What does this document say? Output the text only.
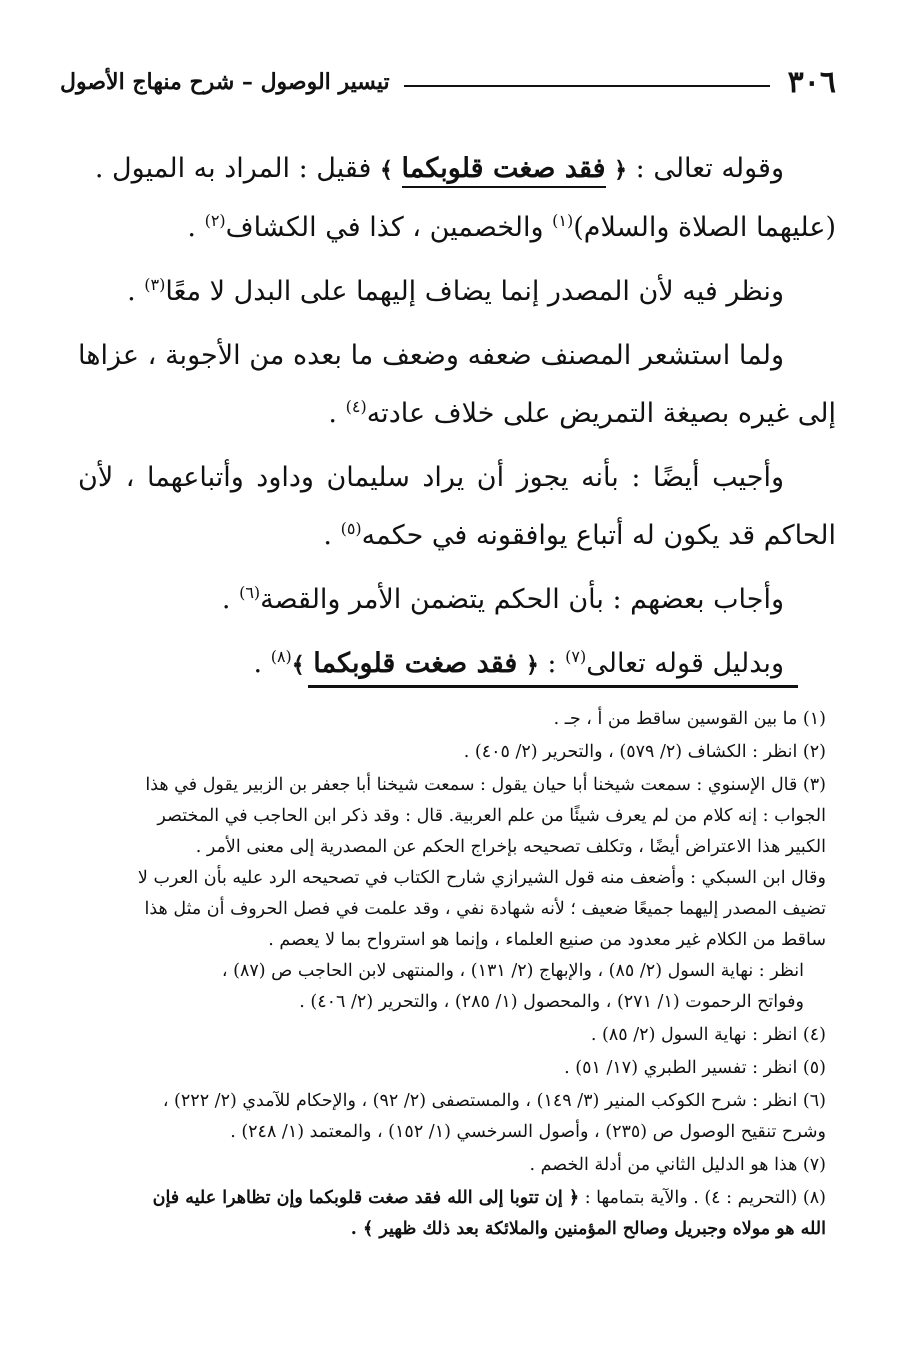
٣٠٦
تيسير الوصول – شرح منهاج الأصول

وقوله تعالى : ﴿ فقد صغت قلوبكما ﴾ فقيل : المراد به الميول .
(عليهما الصلاة والسلام)$^{(١)}$ والخصمين ، كذا في الكشاف$^{(٢)}$ .

ونظر فيه لأن المصدر إنما يضاف إليهما على البدل لا معًا$^{(٣)}$ .

ولما استشعر المصنف ضعفه وضعف ما بعده من الأجوبة ، عزاها إلى غيره بصيغة التمريض على خلاف عادته$^{(٤)}$ .

وأجيب أيضًا : بأنه يجوز أن يراد سليمان وداود وأتباعهما ، لأن الحاكم قد يكون له أتباع يوافقونه في حكمه$^{(٥)}$ .

وأجاب بعضهم : بأن الحكم يتضمن الأمر والقصة$^{(٦)}$ .

وبدليل قوله تعالى$^{(٧)}$ : ﴿ فقد صغت قلوبكما ﴾$^{(٨)}$ .

(١) ما بين القوسين ساقط من أ ، جـ .
(٢) انظر : الكشاف (٢/ ٥٧٩) ، والتحرير (٢/ ٤٠٥) .
(٣) قال الإسنوي : سمعت شيخنا أبا حيان يقول : سمعت شيخنا أبا جعفر بن الزبير يقول في هذا
الجواب : إنه كلام من لم يعرف شيئًا من علم العربية. قال : وقد ذكر ابن الحاجب في المختصر
الكبير هذا الاعتراض أيضًا ، وتكلف تصحيحه بإخراج الحكم عن المصدرية إلى معنى الأمر .
وقال ابن السبكي : وأضعف منه قول الشيرازي شارح الكتاب في تصحيحه الرد عليه بأن العرب لا
تضيف المصدر إليهما جميعًا ضعيف ؛ لأنه شهادة نفي ، وقد علمت في فصل الحروف أن مثل هذا
ساقط من الكلام غير معدود من صنيع العلماء ، وإنما هو استرواح بما لا يعصم .
انظر : نهاية السول (٢/ ٨٥) ، والإبهاج (٢/ ١٣١) ، والمنتهى لابن الحاجب ص (٨٧) ،
وفواتح الرحموت (١/ ٢٧١) ، والمحصول (١/ ٢٨٥) ، والتحرير (٢/ ٤٠٦) .
(٤) انظر : نهاية السول (٢/ ٨٥) .
(٥) انظر : تفسير الطبري (١٧/ ٥١) .
(٦) انظر : شرح الكوكب المنير (٣/ ١٤٩) ، والمستصفى (٢/ ٩٢) ، والإحكام للآمدي (٢/ ٢٢٢) ،
وشرح تنقيح الوصول ص (٢٣٥) ، وأصول السرخسي (١/ ١٥٢) ، والمعتمد (١/ ٢٤٨) .
(٧) هذا هو الدليل الثاني من أدلة الخصم .
(٨) (التحريم : ٤) . والآية بتمامها : ﴿ إن تتوبا إلى الله فقد صغت قلوبكما وإن تظاهرا عليه فإن
الله هو مولاه وجبريل وصالح المؤمنين والملائكة بعد ذلك ظهير ﴾ .
